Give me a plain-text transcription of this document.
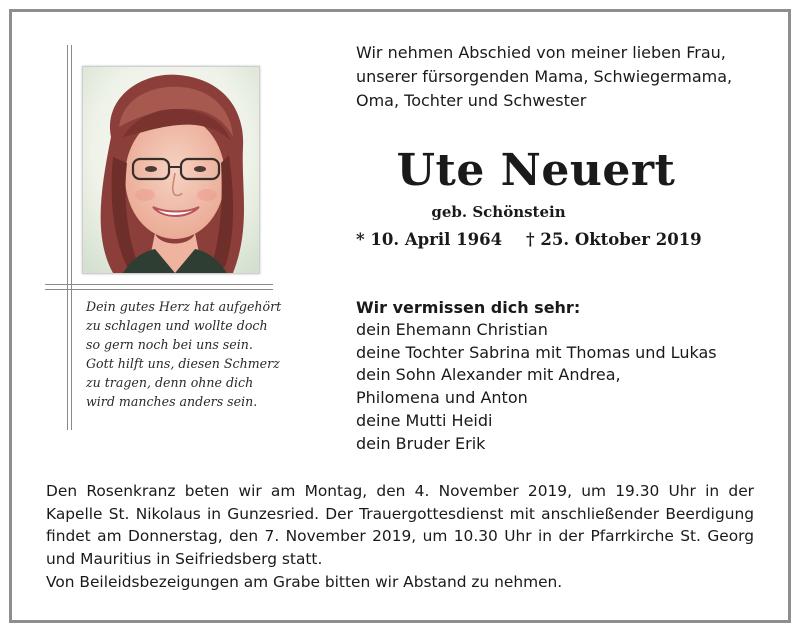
Dein gutes Herz hat aufgehört
zu schlagen und wollte doch
so gern noch bei uns sein.
Gott hilft uns, diesen Schmerz
zu tragen, denn ohne dich
wird manches anders sein.
Wir nehmen Abschied von meiner lieben Frau,
unserer fürsorgenden Mama, Schwiegermama,
Oma, Tochter und Schwester
Ute Neuert
geb. Schönstein
* 10. April 1964 † 25. Oktober 2019
Wir vermissen dich sehr:
dein Ehemann Christian
deine Tochter Sabrina mit Thomas und Lukas
dein Sohn Alexander mit Andrea,
Philomena und Anton
deine Mutti Heidi
dein Bruder Erik

Den Rosenkranz beten wir am Montag, den 4. November 2019, um 19.30 Uhr in der Kapelle St. Nikolaus in Gunzesried. Der Trauergottesdienst mit anschließender Beerdigung findet am Donnerstag, den 7. November 2019, um 10.30 Uhr in der Pfarrkirche St. Georg und Mauritius in Seifriedsberg statt.

Von Beileidsbezeigungen am Grabe bitten wir Abstand zu nehmen.
